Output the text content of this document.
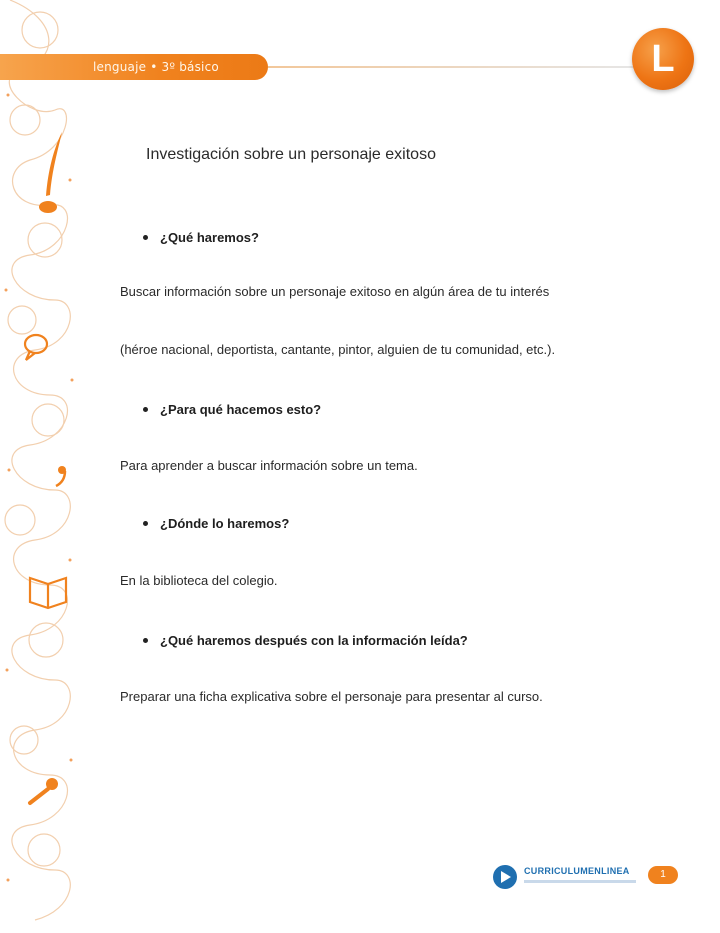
lenguaje • 3º básico	L
Investigación sobre un personaje exitoso
¿Qué haremos?
Buscar información sobre un personaje exitoso en algún área de tu interés
(héroe nacional, deportista, cantante, pintor, alguien de tu comunidad, etc.).
¿Para qué hacemos esto?
Para aprender a buscar información sobre un tema.
¿Dónde lo haremos?
En la biblioteca del colegio.
¿Qué haremos después con la información leída?
Preparar una ficha explicativa sobre el personaje para presentar al curso.
CURRICULUMENLINEA	1
